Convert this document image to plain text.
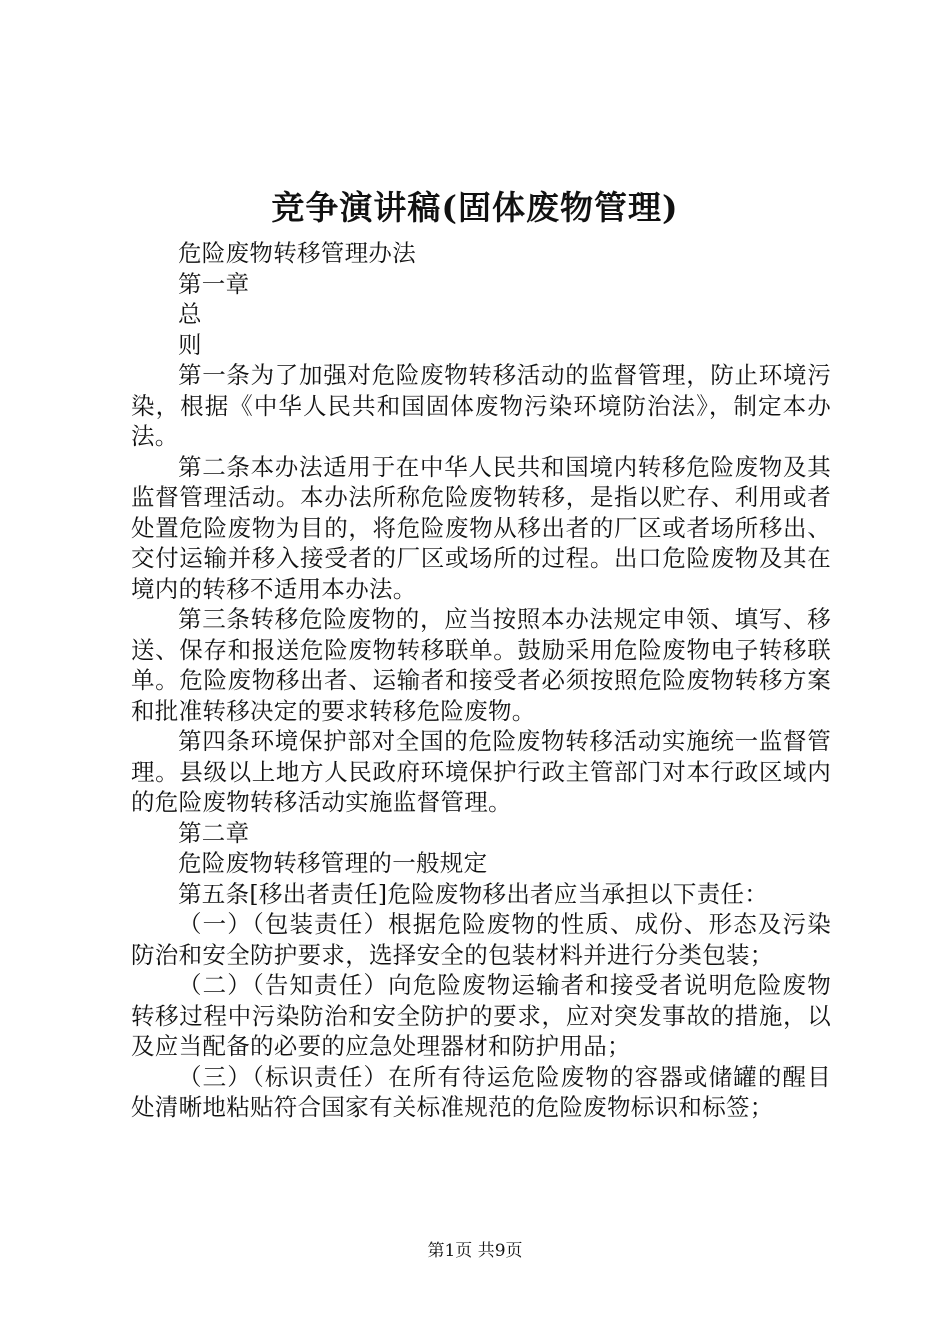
竞争演讲稿(固体废物管理)

危险废物转移管理办法

第一章

总

则

第一条为了加强对危险废物转移活动的监督管理，防止环境污染，根据《中华人民共和国固体废物污染环境防治法》，制定本办法。

第二条本办法适用于在中华人民共和国境内转移危险废物及其监督管理活动。本办法所称危险废物转移，是指以贮存、利用或者处置危险废物为目的，将危险废物从移出者的厂区或者场所移出、交付运输并移入接受者的厂区或场所的过程。出口危险废物及其在境内的转移不适用本办法。

第三条转移危险废物的，应当按照本办法规定申领、填写、移送、保存和报送危险废物转移联单。鼓励采用危险废物电子转移联单。危险废物移出者、运输者和接受者必须按照危险废物转移方案和批准转移决定的要求转移危险废物。

第四条环境保护部对全国的危险废物转移活动实施统一监督管理。县级以上地方人民政府环境保护行政主管部门对本行政区域内的危险废物转移活动实施监督管理。

第二章

危险废物转移管理的一般规定

第五条[移出者责任]危险废物移出者应当承担以下责任：

（一）（包装责任）根据危险废物的性质、成份、形态及污染防治和安全防护要求，选择安全的包装材料并进行分类包装；

（二）（告知责任）向危险废物运输者和接受者说明危险废物转移过程中污染防治和安全防护的要求，应对突发事故的措施，以及应当配备的必要的应急处理器材和防护用品；

（三）（标识责任）在所有待运危险废物的容器或储罐的醒目处清晰地粘贴符合国家有关标准规范的危险废物标识和标签；

第1页 共9页
